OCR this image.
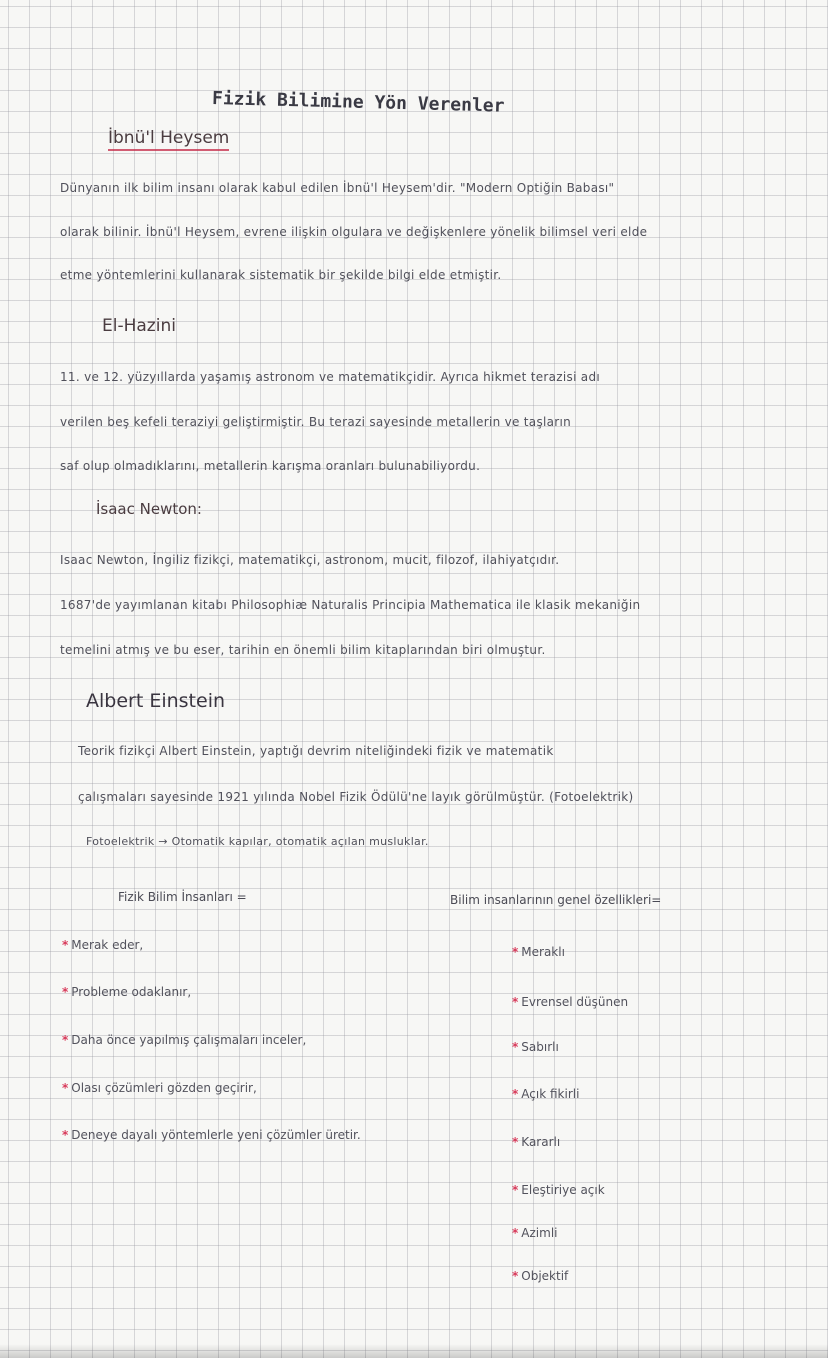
Fizik Bilimine Yön Verenler
İbnü'l Heysem
Dünyanın ilk bilim insanı olarak kabul edilen İbnü'l Heysem'dir. "Modern Optiğin Babası"
olarak bilinir. İbnü'l Heysem, evrene ilişkin olgulara ve değişkenlere yönelik bilimsel veri elde
etme yöntemlerini kullanarak sistematik bir şekilde bilgi elde etmiştir.
El-Hazini
11. ve 12. yüzyıllarda yaşamış astronom ve matematikçidir. Ayrıca hikmet terazisi adı
verilen beş kefeli teraziyi geliştirmiştir. Bu terazi sayesinde metallerin ve taşların
saf olup olmadıklarını, metallerin karışma oranları bulunabiliyordu.
İsaac Newton:
Isaac Newton, İngiliz fizikçi, matematikçi, astronom, mucit, filozof, ilahiyatçıdır.
1687'de yayımlanan kitabı Philosophiæ Naturalis Principia Mathematica ile klasik mekaniğin
temelini atmış ve bu eser, tarihin en önemli bilim kitaplarından biri olmuştur.
Albert Einstein
Teorik fizikçi Albert Einstein, yaptığı devrim niteliğindeki fizik ve matematik
çalışmaları sayesinde 1921 yılında Nobel Fizik Ödülü'ne layık görülmüştür. (Fotoelektrik)
Fotoelektrik → Otomatik kapılar, otomatik açılan musluklar.
Fizik Bilim İnsanları =	Bilim insanlarının genel özellikleri=
* Merak eder,
* Probleme odaklanır,
* Daha önce yapılmış çalışmaları inceler,
* Olası çözümleri gözden geçirir,
* Deneye dayalı yöntemlerle yeni çözümler üretir.
* Meraklı
* Evrensel düşünen
* Sabırlı
* Açık fikirli
* Kararlı
* Eleştiriye açık
* Azimli
* Objektif
